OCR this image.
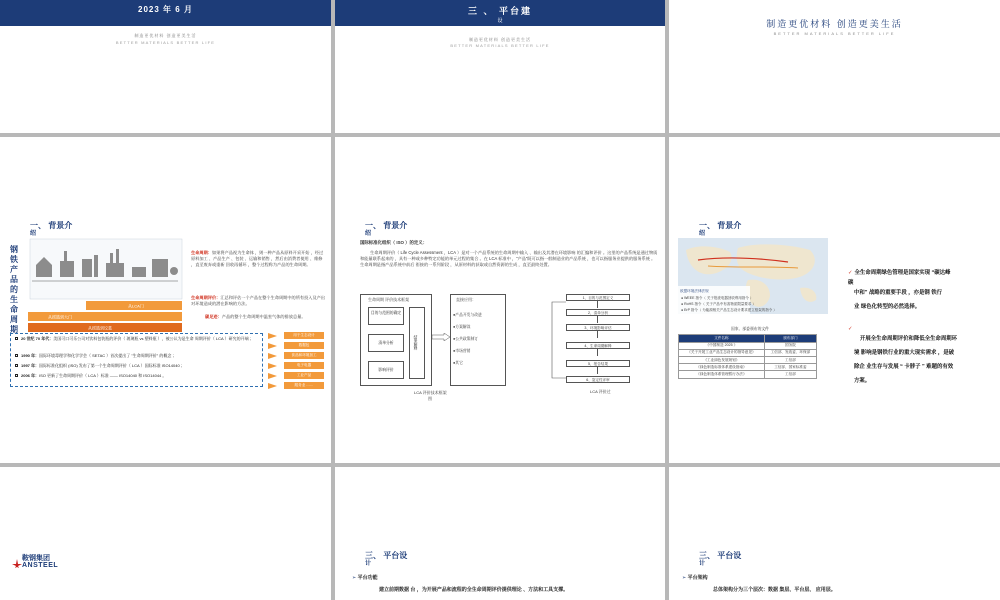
2023 年 6 月
制造更优材料 创造更美生活
BETTER MATERIALS BETTER LIFE
三 、 平台建
设
制造更优材料 创造更美生活
BETTER MATERIALS BETTER LIFE
制造更优材料 创造更美生活
BETTER MATERIALS BETTER LIFE
一、 背景介
绍
钢铁产品的生命周期
从LCA门
从摇篮到大门
从摇篮到坟墓
生命周期：如果将产品视为生命体 ，则一种产品从原料开采开始 ，经过原料加工 、产品生产 、包装 、运输和销售 ，然后由消费者使用 、维修 ，直至废弃或重新 回收再循环 ，整个过程称为产品的生命周期。
生命周期评价：汇总和评估一个产品在整个生命周期中的所有投入及产出对环境造成的潜在影响的方法。
碳足迹：产品的整个生命周期中温室气体的排放总量。
20 世纪 70 年代：美国可口可乐公司对饮料包装瓶的评价（ 玻璃瓶 vs 塑料瓶 ），被公认为是生命 周期评价（ LCA ）研究的开端 ；
1990 年：国际环境毒理学和化学学会（ SETAC ）首次提出了 "生命周期评价" 的概念 ；
1997 年：国际标准化组织 (ISO) 发布了第一个生命周期评价（ LCA ）国际标准 ISO14040 ；
2006 年：ISO 更新了生命周期评价（ LCA ）标准 —— ISO14040 和 ISO14044 。
用于生态设计
数据包
食品和环境加工
电子电器
工业产品
服务业 ……
一、 背景介
绍
国际标准化组织（ ISO ）的定义：
生命周期评价（ Life Cycle Assessment ，LCA ）是对一个产品系统的生命周期中输入 、输出及其潜在环境影响 的汇编和评价 。这里的产品系统是通过物质和能量联系起来的 ，具有一种或多种特定功能的单元过程的集合 。在 LCA 标准中 ，“产品”既可以指一般制造业的产品系统 ，也可以指服务业提供的服务系统 。生命周期是指产品系统中前后 衔接的一系列阶段 ，从原材料的获取或自然资源的生成 ，直至最终处置。
生命周期 评价技术框架
目的与范围的确定
清单分析
影响评价
结果解释
直接应用：
●产品开发与改进
●方案解读
●公共政策制订
●市场营销
●其它
LCA 评价技术框架
图
1、目的与范围定义
2、清单分析
3、环境影响评估
4、生命周期解释
5、报告结果
6、鉴定性评审
LCA 评价过
一、 背景介
绍
欧盟环境法律法规
● WEEE 指令（ 关于报废电器回收利用指令 ）
● RoHS 指令（ 关于产品中有害物质限量要求 ）
● ErP 指令（ 为能源相关产品生态设计要求建立框架的指令 ）
国家、部委颁布的文件
文件名称	颁布部门
《中国制造 2025 》	国务院
《关于开展工业产品生态设计的指导意见》	工信部、发改委、环保部
《工业绿色发展规划》	工信部
《绿色制造标准体系建设指南》	工信部、国家标准委
《绿色制造体系管理暂行办法》	工信部
✓ 全生命周期绿色管理是国家实现 “碳达峰
碳
中和” 战略的重要手段 ，亦是钢 铁行
业 绿色化转型的必然选择。
✓
开展全生命周期评价和降低全生命周期环
境 影响是钢铁行业的重大现实需求 ，是破
除企 业生存与发展 “ 卡脖子 ” 难题的有效
方案。
鞍钢集团
ANSTEEL
三、 平台设
计
➢ 平台功能
建立前期数据 台 ，为开展产品和流程的全生命周期评价提供理论 、方法和工具支撑。
三、 平台设
计
➢ 平台架构
总体架构分为三个层次：数据 集层、平台层、 应用层。
